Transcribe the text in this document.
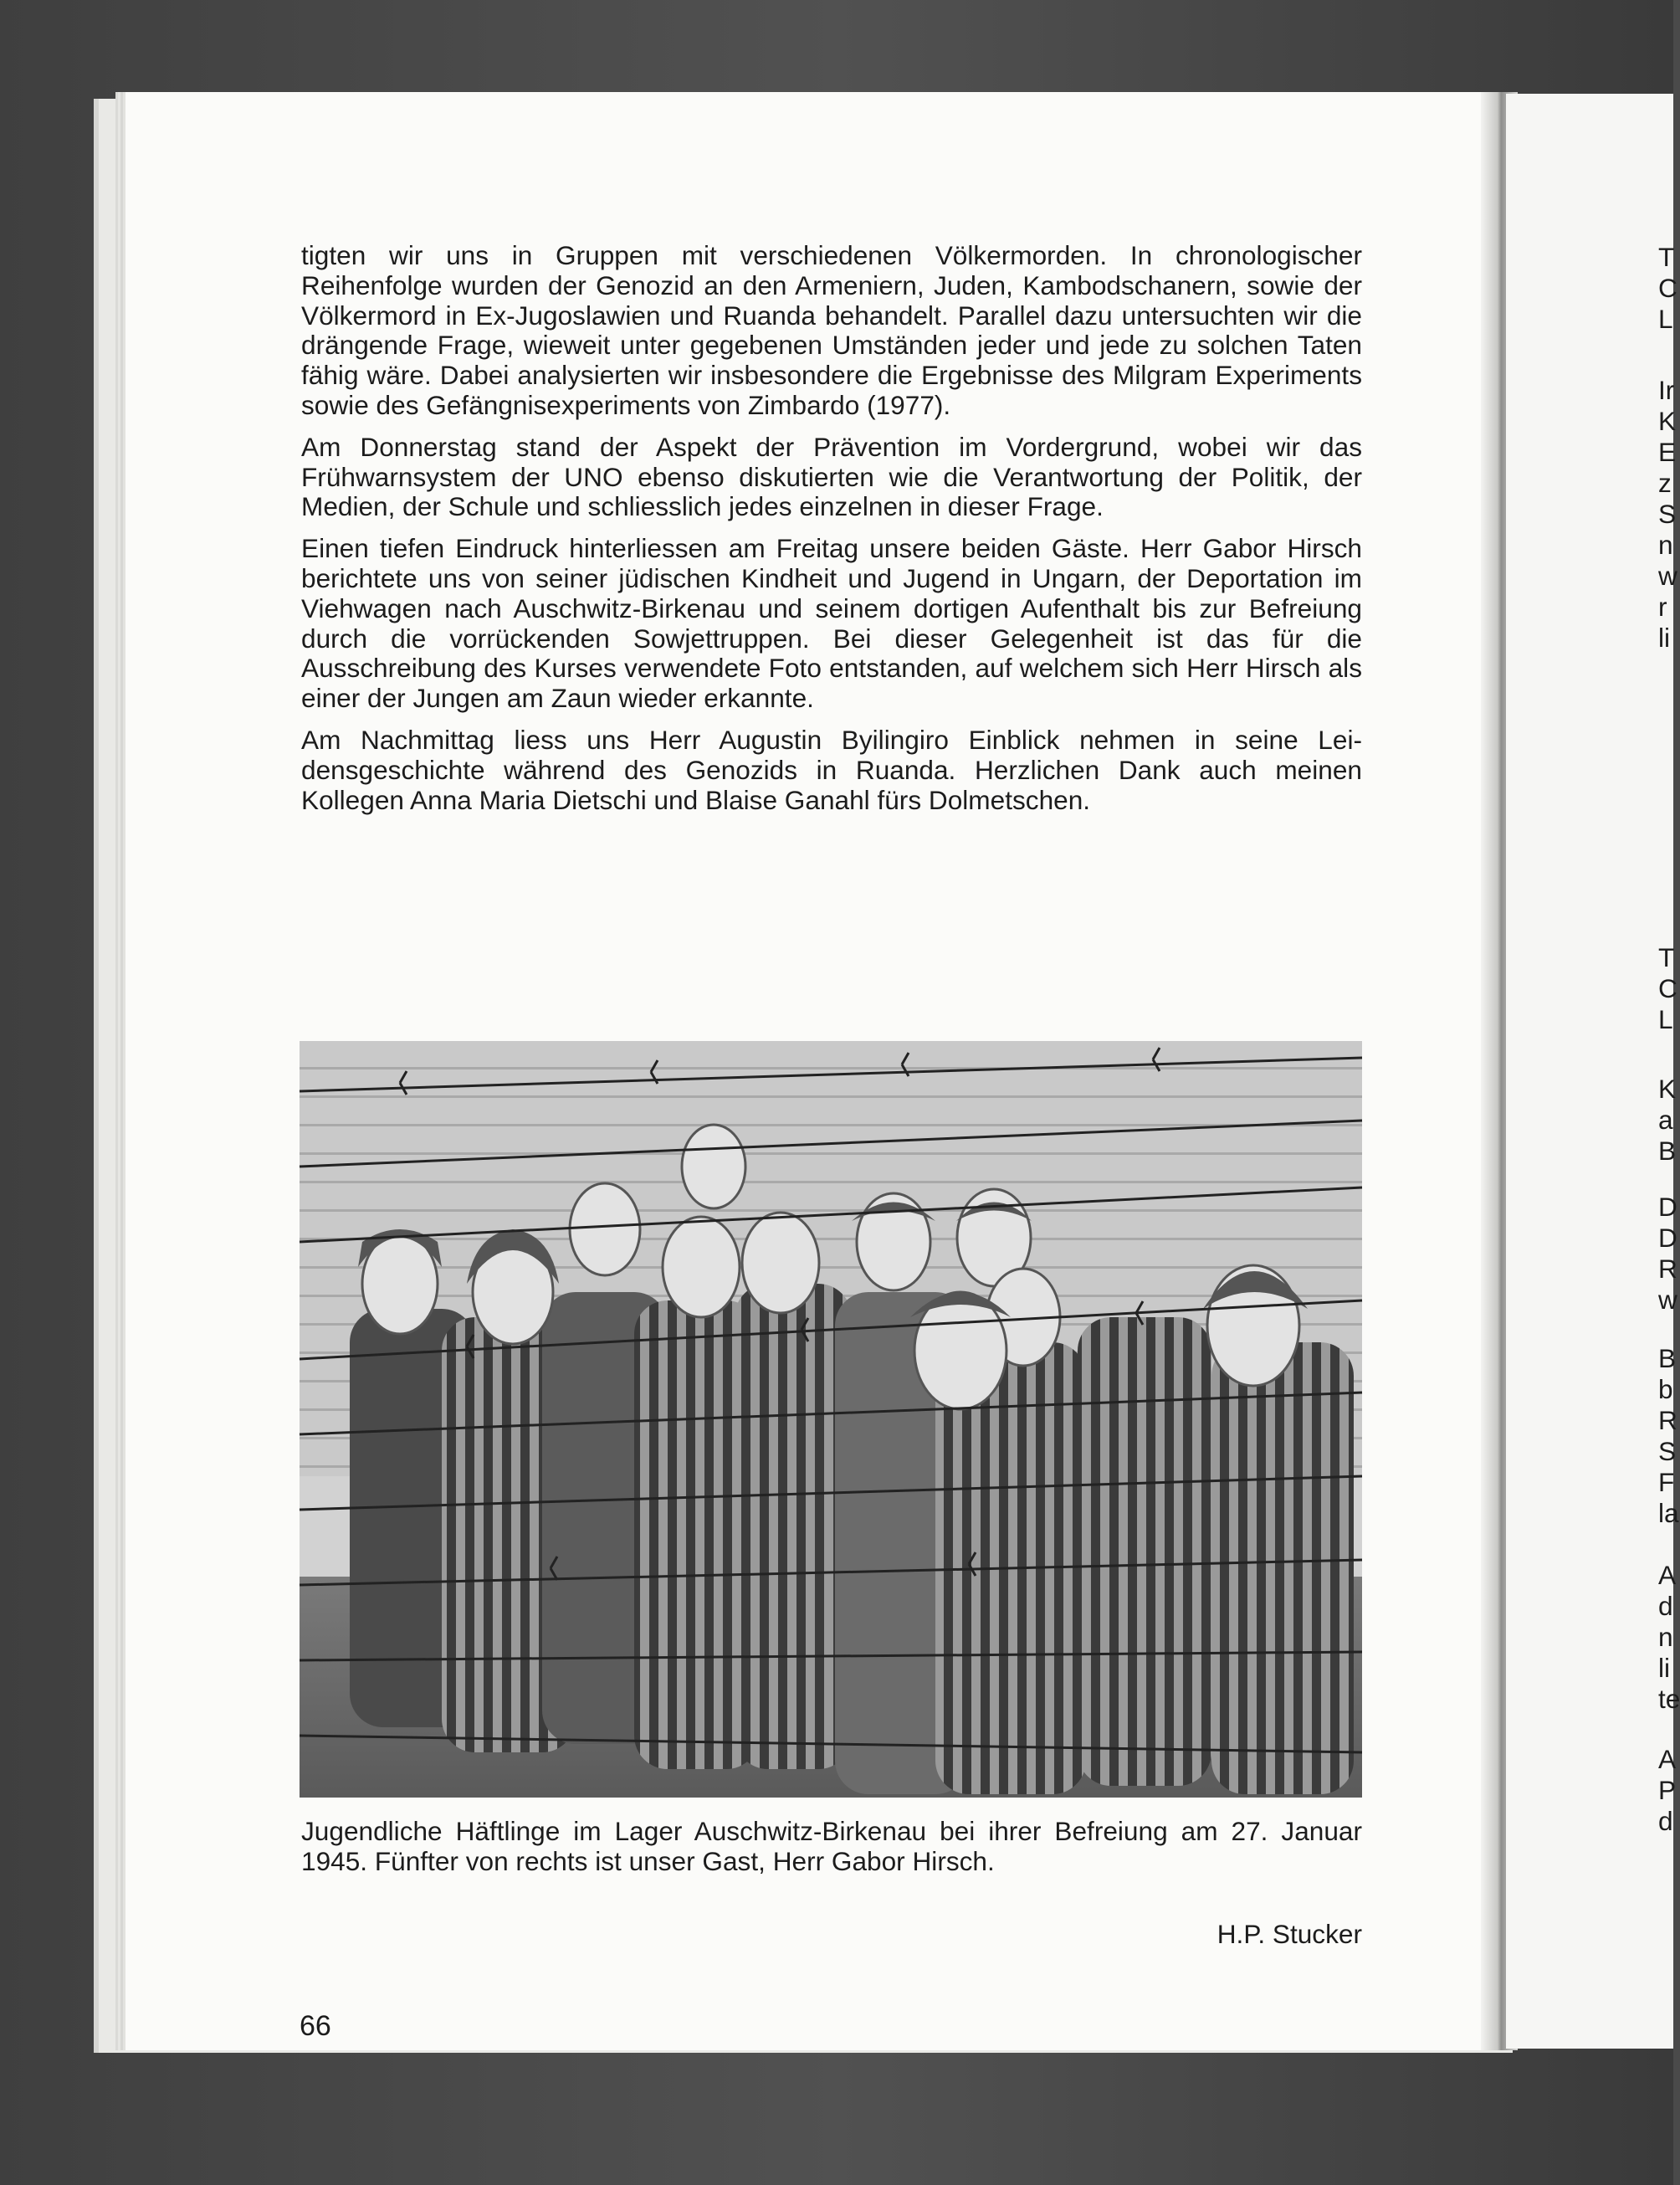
T
C
L
Ir
K
E
z
S
n
w
r
li
T
C
L
K
a
B
D
D
R
w
B
b
R
S
F
la
A
d
n
li
te
A
P
d

tigten wir uns in Gruppen mit verschiedenen Völkermorden. In chronologischer Reihenfolge wurden der Genozid an den Armeniern, Juden, Kambodschanern, sowie der Völkermord in Ex-Jugoslawien und Ruanda behandelt. Parallel dazu untersuchten wir die drängende Frage, wieweit unter gegebenen Umständen jeder und jede zu solchen Taten fähig wäre. Dabei analysierten wir insbesondere die Ergebnisse des Milgram Experiments sowie des Gefängnisexperiments von Zimbardo (1977).

Am Donnerstag stand der Aspekt der Prävention im Vordergrund, wobei wir das Frühwarnsystem der UNO ebenso diskutierten wie die Verantwortung der Politik, der Medien, der Schule und schliesslich jedes einzelnen in dieser Frage.

Einen tiefen Eindruck hinterliessen am Freitag unsere beiden Gäste. Herr Gabor Hirsch berichtete uns von seiner jüdischen Kindheit und Jugend in Ungarn, der Deportation im Viehwagen nach Auschwitz-Birkenau und seinem dortigen Aufenthalt bis zur Befreiung durch die vorrückenden Sowjettruppen. Bei dieser Gelegenheit ist das für die Ausschreibung des Kurses verwendete Foto entstanden, auf welchem sich Herr Hirsch als einer der Jungen am Zaun wieder erkannte.

Am Nachmittag liess uns Herr Augustin Byilingiro Einblick nehmen in seine Leidensgeschichte während des Genozids in Ruanda. Herzlichen Dank auch meinen Kollegen Anna Maria Dietschi und Blaise Ganahl fürs Dolmetschen.

Jugendliche Häftlinge im Lager Auschwitz-Birkenau bei ihrer Befreiung am 27. Januar 1945. Fünfter von rechts ist unser Gast, Herr Gabor Hirsch.

H.P. Stucker
66
